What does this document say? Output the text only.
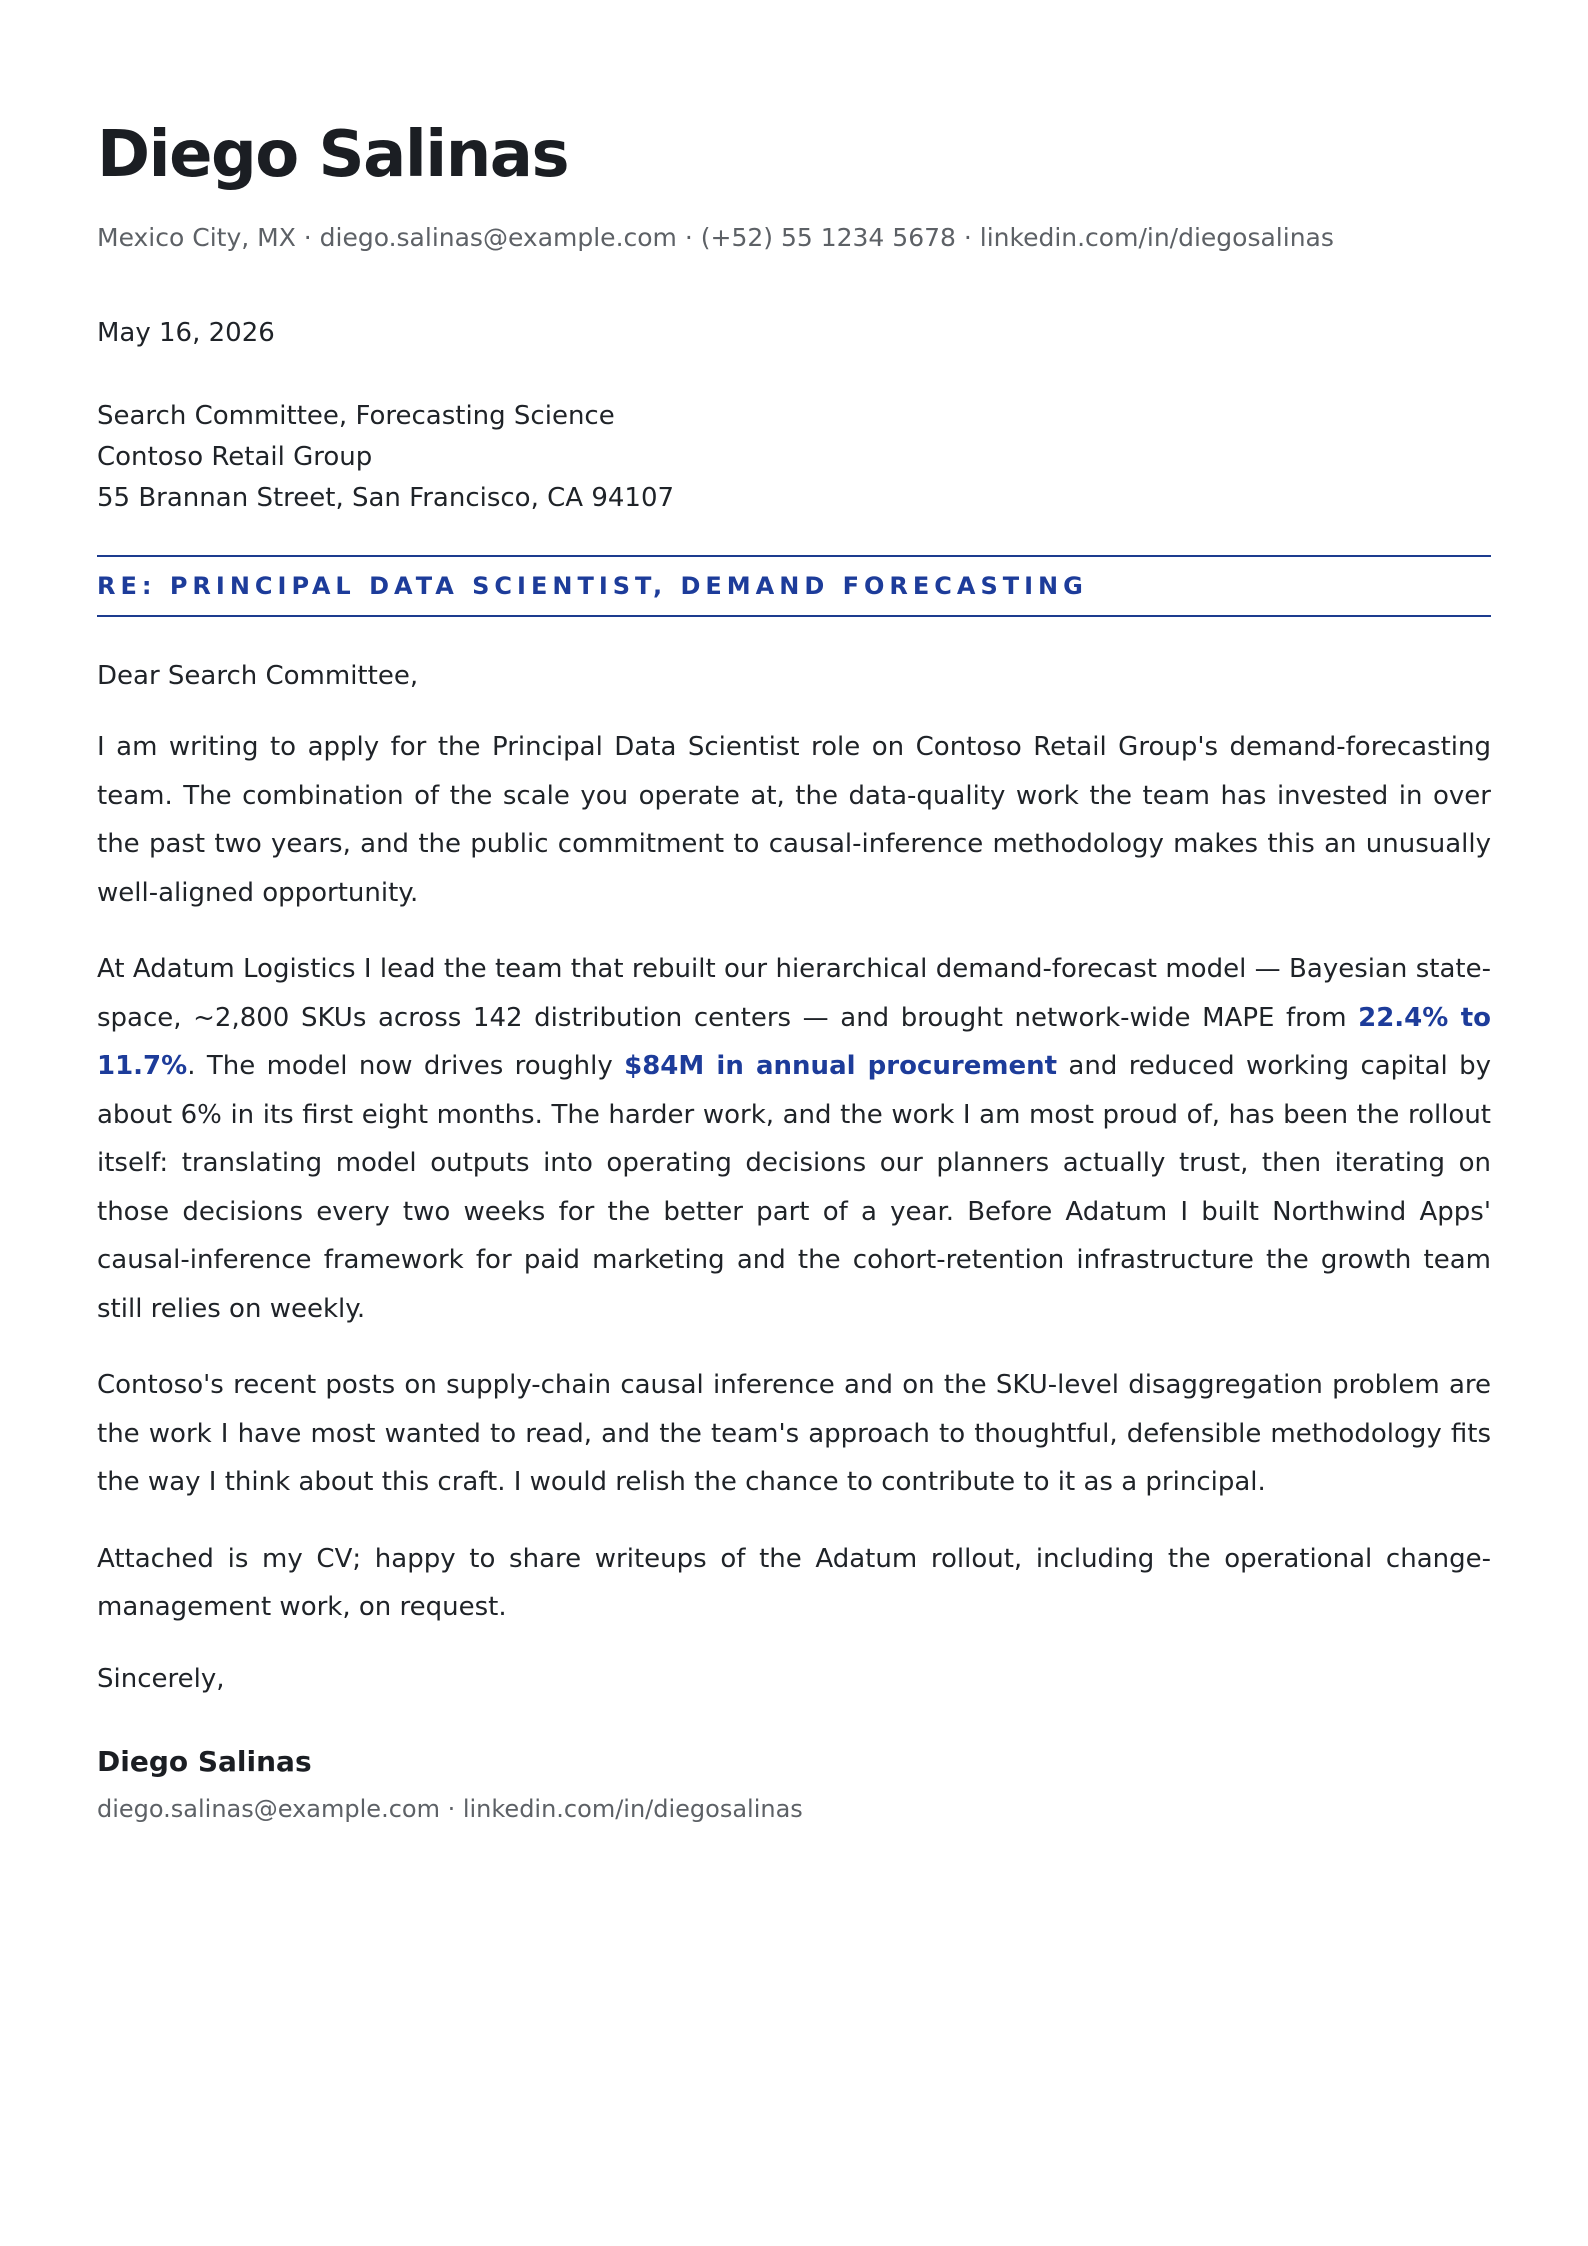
Diego Salinas
Mexico City, MX · diego.salinas@example.com · (+52) 55 1234 5678 · linkedin.com/in/diegosalinas
May 16, 2026
Search Committee, Forecasting Science
Contoso Retail Group
55 Brannan Street, San Francisco, CA 94107
RE: PRINCIPAL DATA SCIENTIST, DEMAND FORECASTING
Dear Search Committee,

I am writing to apply for the Principal Data Scientist role on Contoso Retail Group's demand-forecasting team. The combination of the scale you operate at, the data-quality work the team has invested in over the past two years, and the public commitment to causal-inference methodology makes this an unusually well-aligned opportunity.

At Adatum Logistics I lead the team that rebuilt our hierarchical demand-forecast model — Bayesian state-space, ~2,800 SKUs across 142 distribution centers — and brought network-wide MAPE from 22.4% to 11.7%. The model now drives roughly $84M in annual procurement and reduced working capital by about 6% in its first eight months. The harder work, and the work I am most proud of, has been the rollout itself: translating model outputs into operating decisions our planners actually trust, then iterating on those decisions every two weeks for the better part of a year. Before Adatum I built Northwind Apps' causal-inference framework for paid marketing and the cohort-retention infrastructure the growth team still relies on weekly.

Contoso's recent posts on supply-chain causal inference and on the SKU-level disaggregation problem are the work I have most wanted to read, and the team's approach to thoughtful, defensible methodology fits the way I think about this craft. I would relish the chance to contribute to it as a principal.

Attached is my CV; happy to share writeups of the Adatum rollout, including the operational change-management work, on request.

Sincerely,
Diego Salinas
diego.salinas@example.com · linkedin.com/in/diegosalinas
